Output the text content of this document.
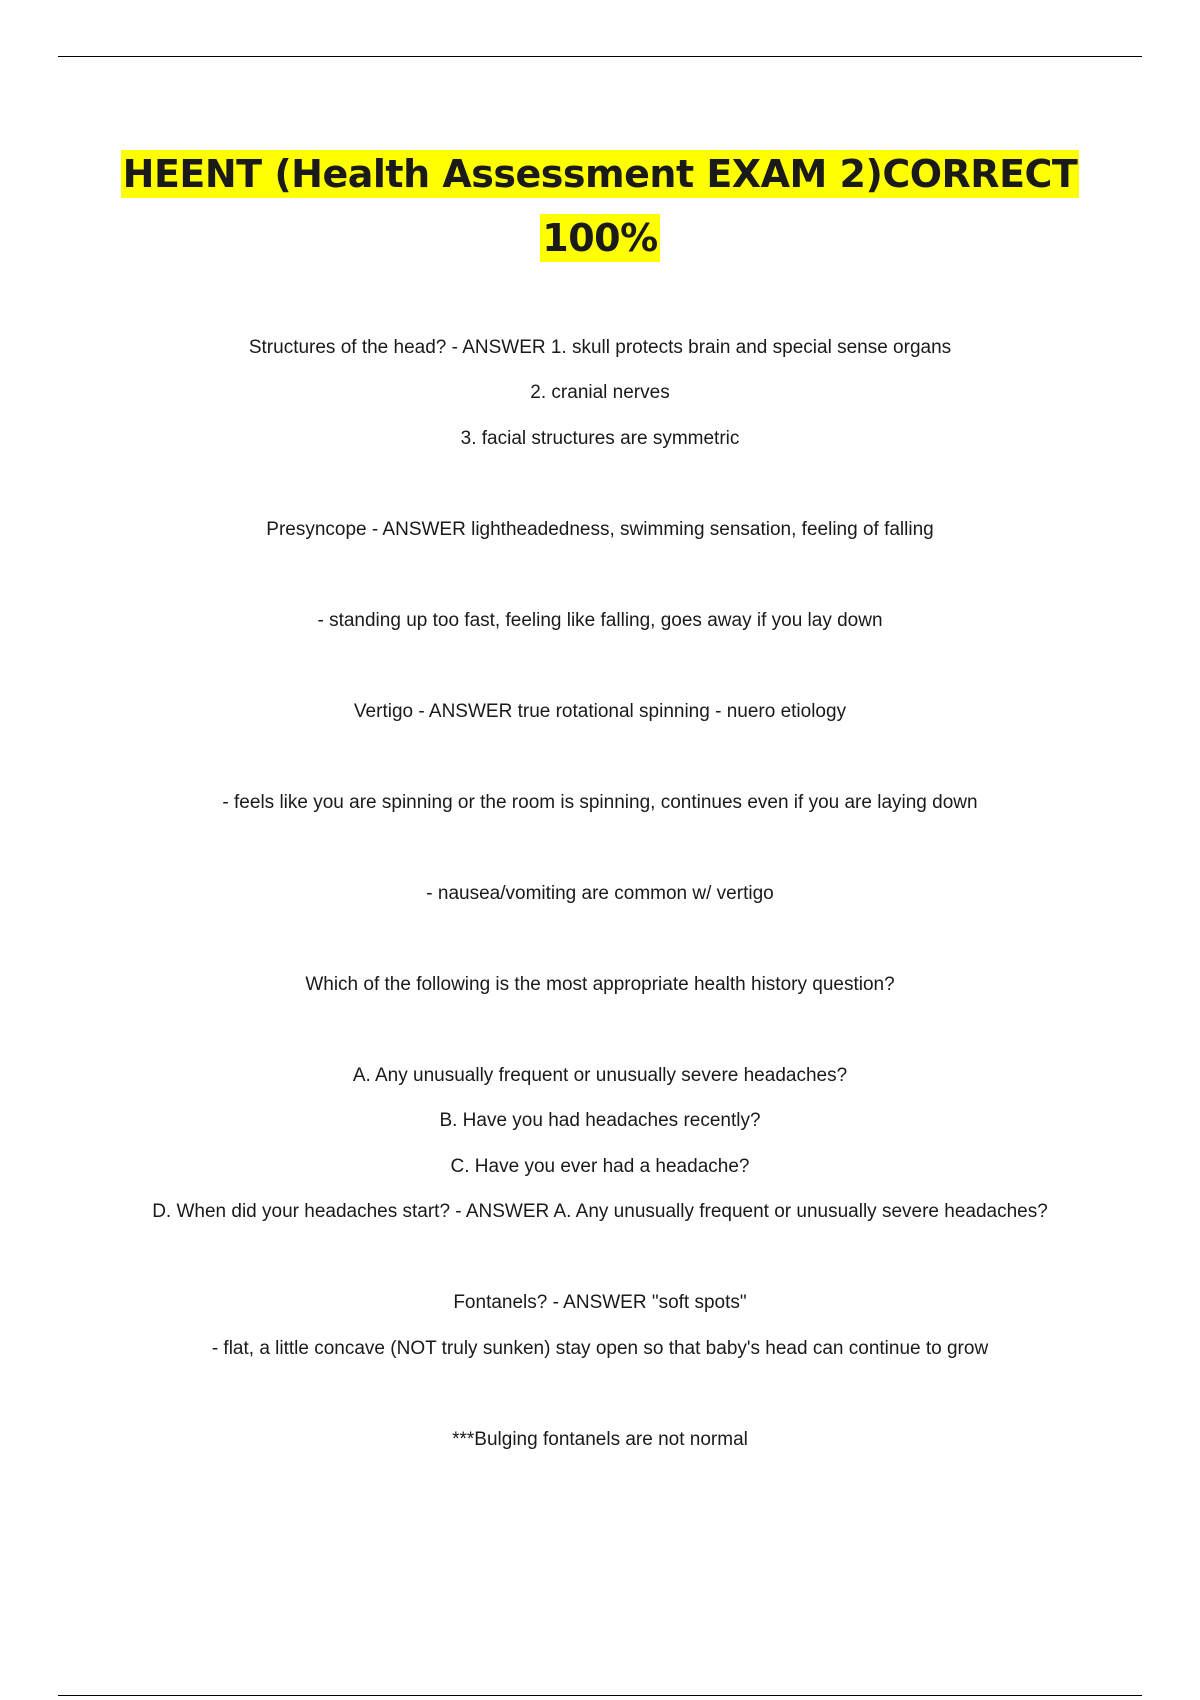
HEENT (Health Assessment EXAM 2)CORRECT
100%

Structures of the head? - ANSWER 1. skull protects brain and special sense organs

2. cranial nerves

3. facial structures are symmetric

Presyncope - ANSWER lightheadedness, swimming sensation, feeling of falling

- standing up too fast, feeling like falling, goes away if you lay down

Vertigo - ANSWER true rotational spinning - nuero etiology

- feels like you are spinning or the room is spinning, continues even if you are laying down

- nausea/vomiting are common w/ vertigo

Which of the following is the most appropriate health history question?

A. Any unusually frequent or unusually severe headaches?

B. Have you had headaches recently?

C. Have you ever had a headache?

D. When did your headaches start? - ANSWER A. Any unusually frequent or unusually severe headaches?

Fontanels? - ANSWER "soft spots"

- flat, a little concave (NOT truly sunken) stay open so that baby's head can continue to grow

***Bulging fontanels are not normal
